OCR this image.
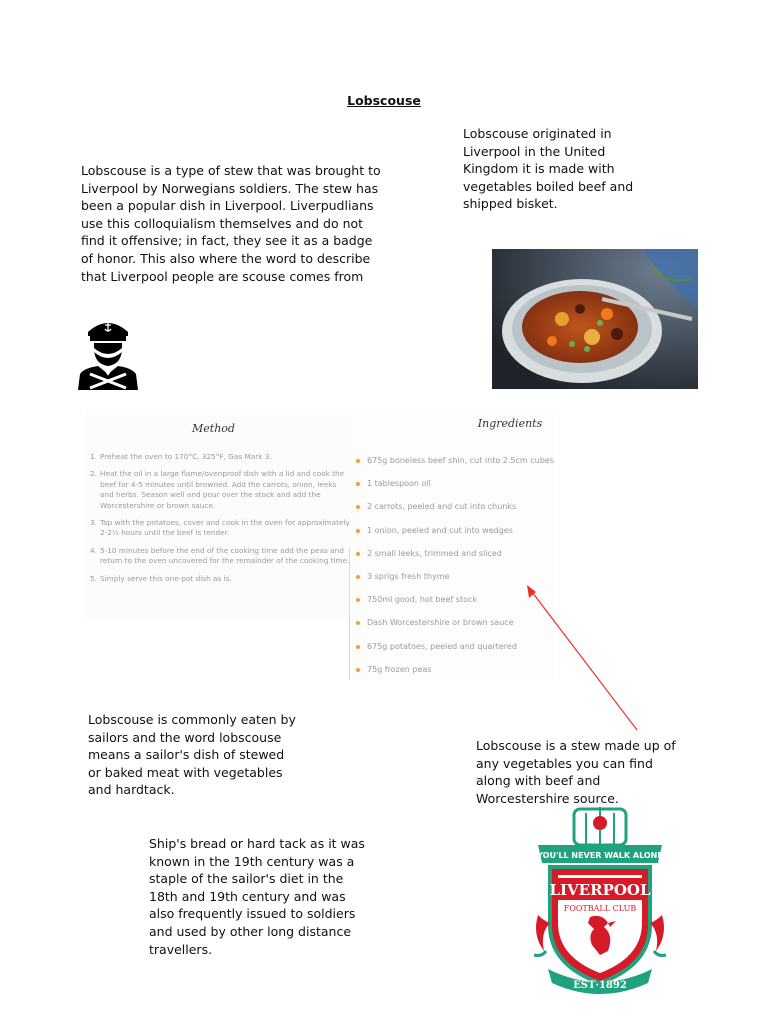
Lobscouse
Lobscouse is a type of stew that was brought to Liverpool by Norwegians soldiers. The stew has been a popular dish in Liverpool. Liverpudlians use this colloquialism themselves and do not find it offensive; in fact, they see it as a badge of honor. This also where the word to describe that Liverpool people are scouse comes from
Lobscouse originated in Liverpool in the United Kingdom it is made with vegetables boiled beef and shipped bisket.
Method
1. Preheat the oven to 170°C, 325°F, Gas Mark 3.
2. Heat the oil in a large flame/ovenproof dish with a lid and cook the beef for 4-5 minutes until browned. Add the carrots, onion, leeks and herbs. Season well and pour over the stock and add the Worcestershire or brown sauce.
3. Top with the potatoes, cover and cook in the oven for approximately 2-2½ hours until the beef is tender.
4. 5-10 minutes before the end of the cooking time add the peas and return to the oven uncovered for the remainder of the cooking time.
5. Simply serve this one-pot dish as is.
Ingredients
675g boneless beef shin, cut into 2.5cm cubes
1 tablespoon oil
2 carrots, peeled and cut into chunks
1 onion, peeled and cut into wedges
2 small leeks, trimmed and sliced
3 sprigs fresh thyme
750ml good, hot beef stock
Dash Worcestershire or brown sauce
675g potatoes, peeled and quartered
75g frozen peas
Lobscouse is commonly eaten by sailors and the word lobscouse means a sailor's dish of stewed or baked meat with vegetables and hardtack.
Lobscouse is a stew made up of any vegetables you can find along with beef and Worcestershire source.
Ship's bread or hard tack as it was known in the 19th century was a staple of the sailor's diet in the 18th and 19th century and was also frequently issued to soldiers and used by other long distance travellers.
YOU'LL NEVER WALK ALONE
LIVERPOOL
FOOTBALL CLUB
EST·1892
